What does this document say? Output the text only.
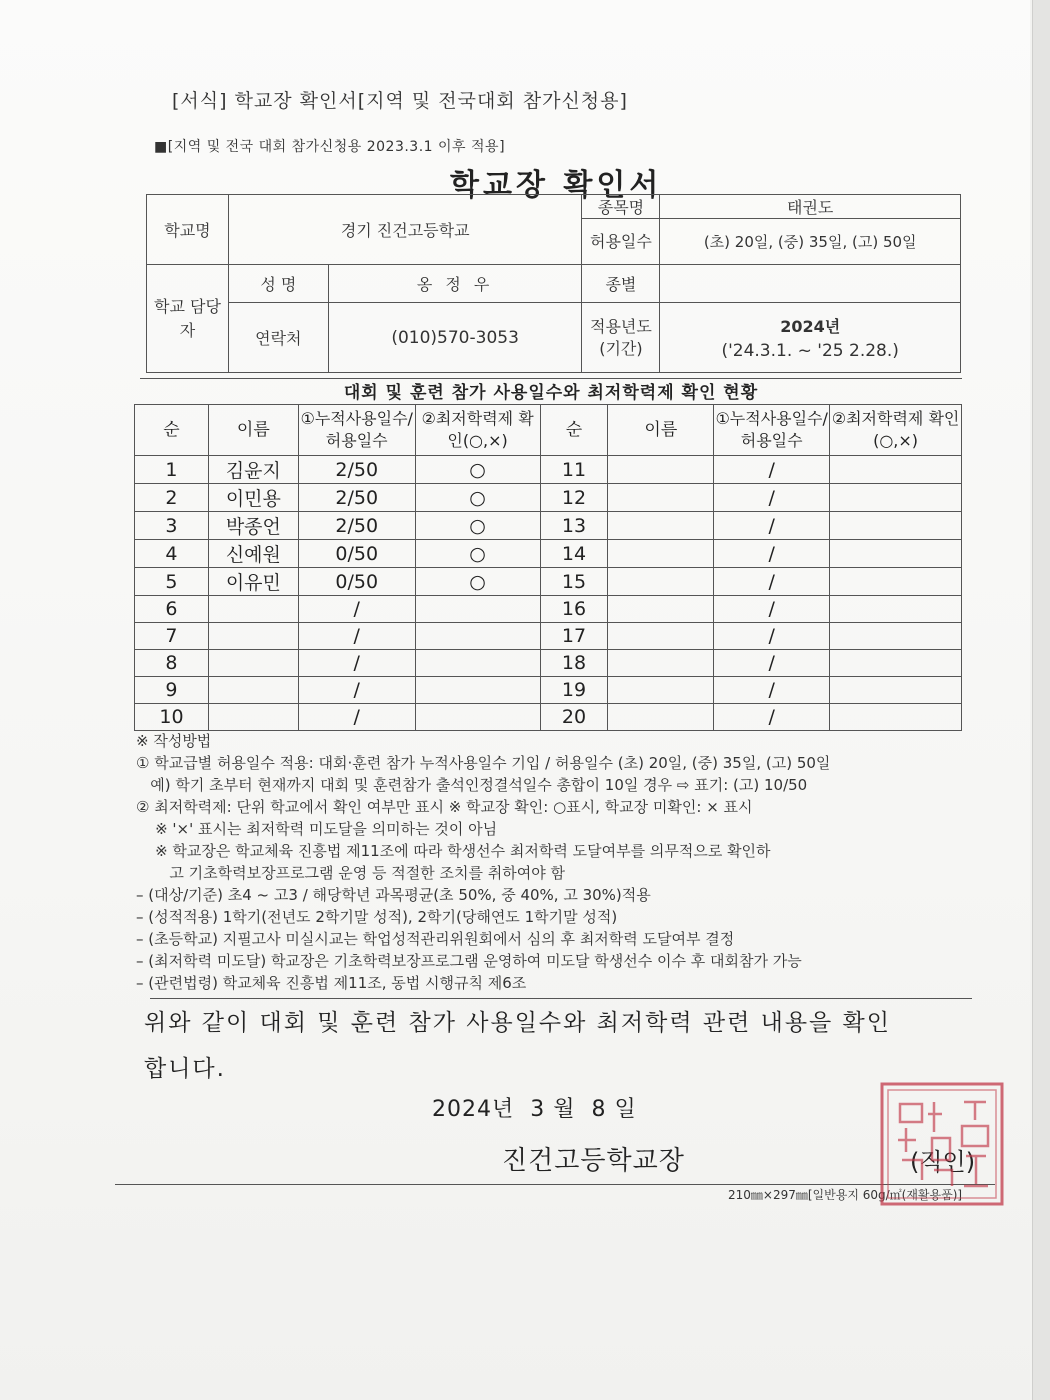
[서식] 학교장 확인서[지역 및 전국대회 참가신청용]
■[지역 및 전국 대회 참가신청용 2023.3.1 이후 적용]
학교장 확인서
학교명	경기 진건고등학교		종목명	태권도
			허용일수	(초) 20일, (중) 35일, (고) 50일
학교 담당자	성 명	옹 정 우	종별	
	연락처	(010)570-3053	적용년도 (기간)	2024년
('24.3.1. ~ '25 2.28.)
대회 및 훈련 참가 사용일수와 최저학력제 확인 현황
순	이름	①누적사용일수/허용일수	②최저학력제 확인(○,×)	순	이름	①누적사용일수/허용일수	②최저학력제 확인(○,×)
1	김윤지	2/50	○	11		/	
2	이민용	2/50	○	12		/	
3	박종언	2/50	○	13		/	
4	신예원	0/50	○	14		/	
5	이유민	0/50	○	15		/	
6		/		16		/	
7		/		17		/	
8		/		18		/	
9		/		19		/	
10		/		20		/	
※ 작성방법
① 학교급별 허용일수 적용: 대회·훈련 참가 누적사용일수 기입 / 허용일수 (초) 20일, (중) 35일, (고) 50일
예) 학기 초부터 현재까지 대회 및 훈련참가 출석인정결석일수 총합이 10일 경우 ⇨ 표기: (고) 10/50
② 최저학력제: 단위 학교에서 확인 여부만 표시 ※ 학교장 확인: ○표시, 학교장 미확인: × 표시
※ '×' 표시는 최저학력 미도달을 의미하는 것이 아님
※ 학교장은 학교체육 진흥법 제11조에 따라 학생선수 최저학력 도달여부를 의무적으로 확인하
고 기초학력보장프로그램 운영 등 적절한 조치를 취하여야 함
– (대상/기준) 초4 ~ 고3 / 해당학년 과목평균(초 50%, 중 40%, 고 30%)적용
– (성적적용) 1학기(전년도 2학기말 성적), 2학기(당해연도 1학기말 성적)
– (초등학교) 지필고사 미실시교는 학업성적관리위원회에서 심의 후 최저학력 도달여부 결정
– (최저학력 미도달) 학교장은 기초학력보장프로그램 운영하여 미도달 학생선수 이수 후 대회참가 가능
– (관련법령) 학교체육 진흥법 제11조, 동법 시행규칙 제6조
위와 같이 대회 및 훈련 참가 사용일수와 최저학력 관련 내용을 확인
합니다.
2024년  3 월  8 일
진건고등학교장	(직인)
210㎜×297㎜[일반용지 60g/㎡(재활용품)]
